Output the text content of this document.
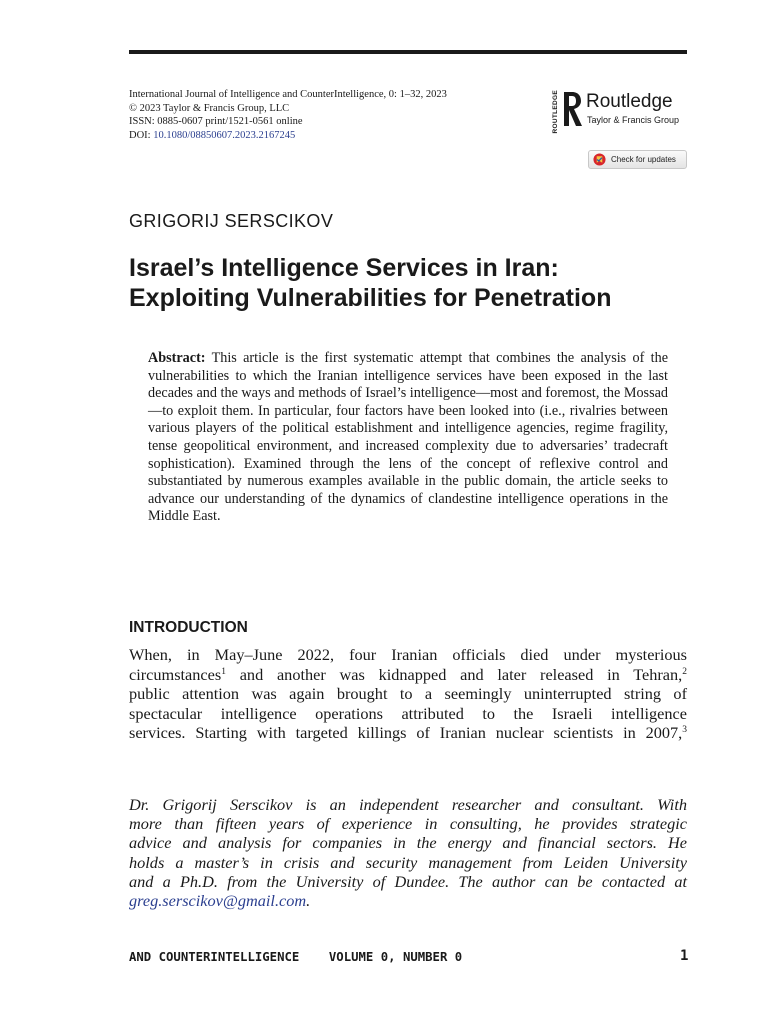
International Journal of Intelligence and CounterIntelligence, 0: 1–32, 2023
© 2023 Taylor & Francis Group, LLC
ISSN: 0885-0607 print/1521-0561 online
DOI: 10.1080/08850607.2023.2167245
ROUTLEDGE Routledge
Taylor & Francis Group
Check for updates
GRIGORIJ SERSCIKOV
Israel’s Intelligence Services in Iran:
Exploiting Vulnerabilities for Penetration
Abstract: This article is the first systematic attempt that combines the analysis of the vulnerabilities to which the Iranian intelligence services have been exposed in the last decades and the ways and methods of Israel’s intelligence—most and foremost, the Mossad—to exploit them. In particular, four factors have been looked into (i.e., rivalries between various players of the political establishment and intelligence agencies, regime fragility, tense geopolitical environment, and increased complexity due to adversaries’ tradecraft sophistication). Examined through the lens of the concept of reflexive control and substantiated by numerous examples available in the public domain, the article seeks to advance our understanding of the dynamics of clandestine intelligence operations in the Middle East.
INTRODUCTION
When, in May–June 2022, four Iranian officials died under mysterious
circumstances$^1$ and another was kidnapped and later released in Tehran,$^2$
public attention was again brought to a seemingly uninterrupted string of
spectacular intelligence operations attributed to the Israeli intelligence
services. Starting with targeted killings of Iranian nuclear scientists in 2007,$^3$
Dr. Grigorij Serscikov is an independent researcher and consultant. With
more than fifteen years of experience in consulting, he provides strategic
advice and analysis for companies in the energy and financial sectors. He
holds a master’s in crisis and security management from Leiden University
and a Ph.D. from the University of Dundee. The author can be contacted at
greg.serscikov@gmail.com.
AND COUNTERINTELLIGENCE VOLUME 0, NUMBER 0	1
